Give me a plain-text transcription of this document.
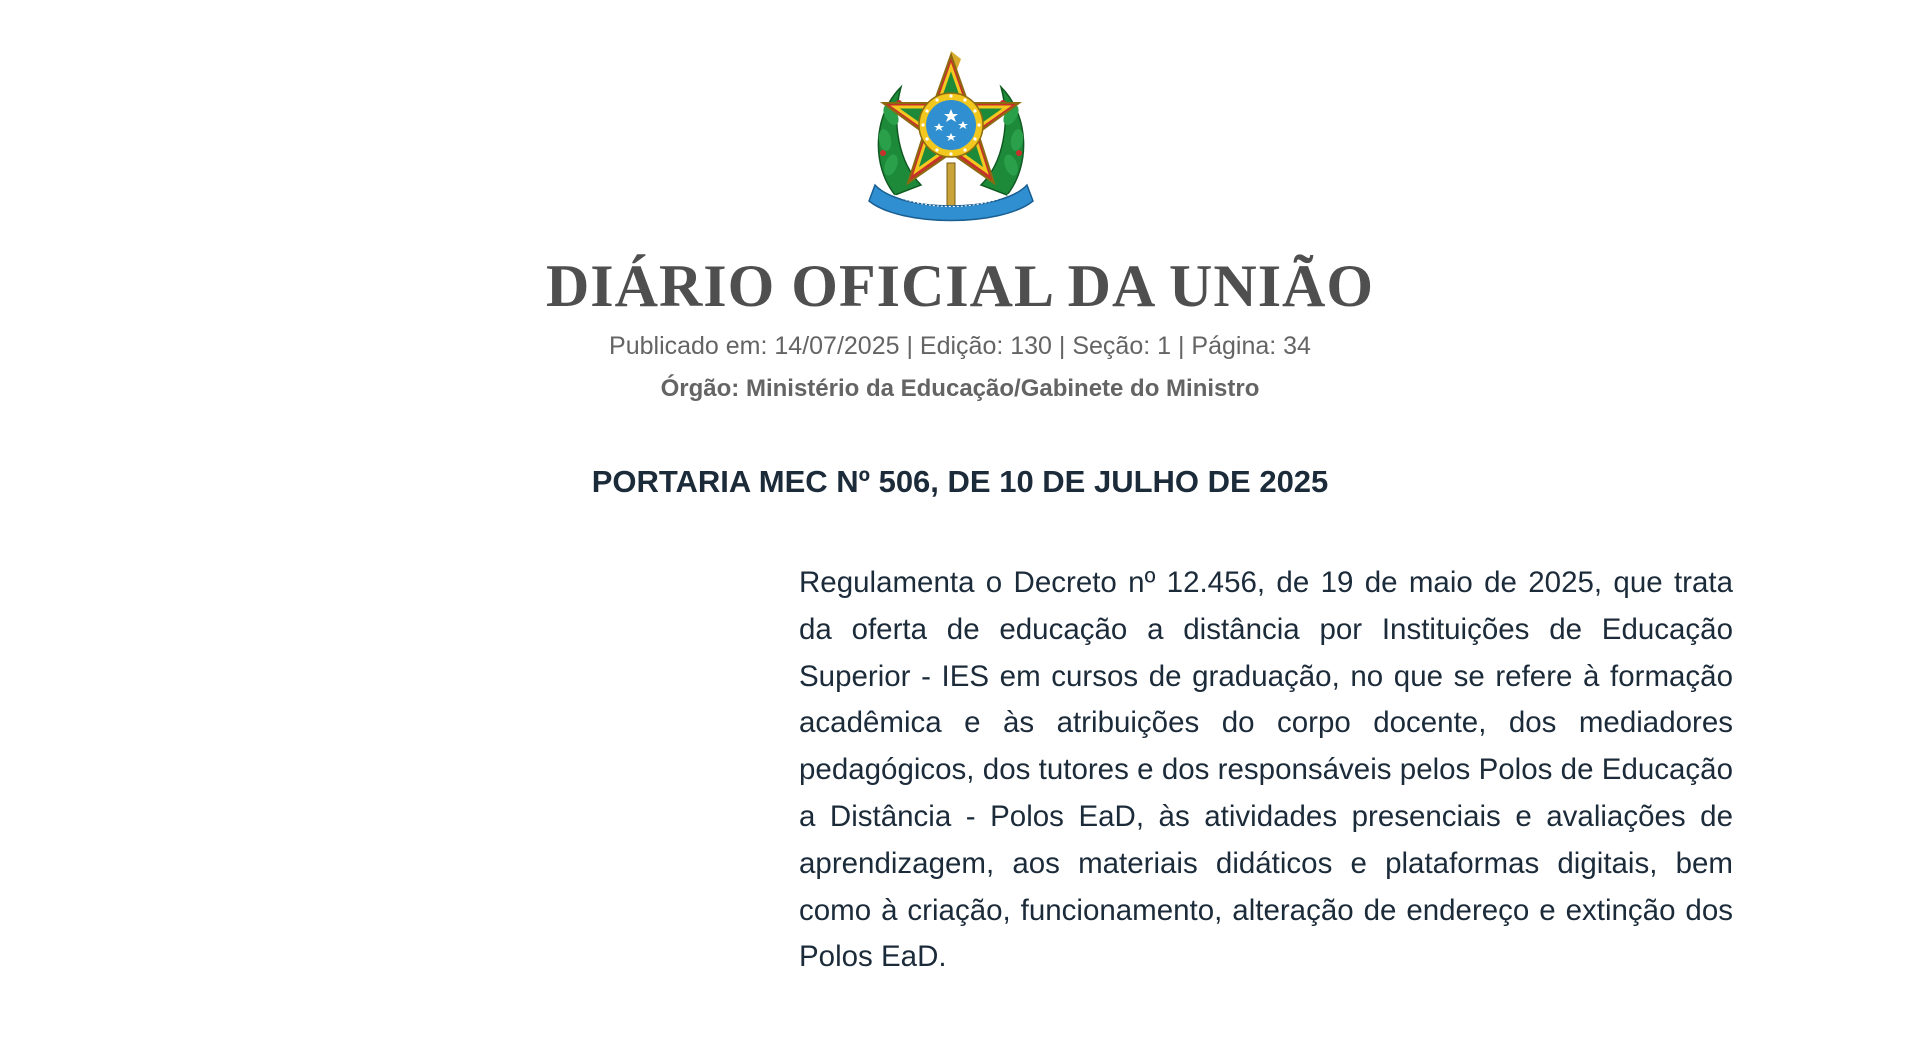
DIÁRIO OFICIAL DA UNIÃO
Publicado em: 14/07/2025 | Edição: 130 | Seção: 1 | Página: 34
Órgão: Ministério da Educação/Gabinete do Ministro
PORTARIA MEC Nº 506, DE 10 DE JULHO DE 2025

Regulamenta o Decreto nº 12.456, de 19 de maio de 2025, que trata da oferta de educação a distância por Instituições de Educação Superior - IES em cursos de graduação, no que se refere à formação acadêmica e às atribuições do corpo docente, dos mediadores pedagógicos, dos tutores e dos responsáveis pelos Polos de Educação a Distância - Polos EaD, às atividades presenciais e avaliações de aprendizagem, aos materiais didáticos e plataformas digitais, bem como à criação, funcionamento, alteração de endereço e extinção dos Polos EaD.
